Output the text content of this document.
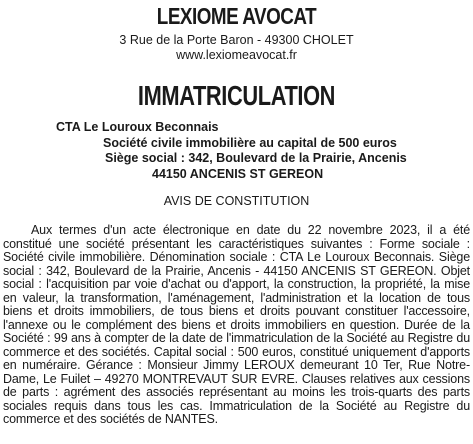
LEXIOME AVOCAT
3 Rue de la Porte Baron - 49300 CHOLET
www.lexiomeavocat.fr
IMMATRICULATION
CTA Le Louroux Beconnais
Société civile immobilière au capital de 500 euros
Siège social : 342, Boulevard de la Prairie, Ancenis
44150 ANCENIS ST GEREON
AVIS DE CONSTITUTION

Aux termes d'un acte électronique en date du 22 novembre 2023, il a été constitué une société présentant les caractéristiques suivantes : Forme sociale : Société civile immobilière. Dénomination sociale : CTA Le Louroux Beconnais. Siège social : 342, Boulevard de la Prairie, Ancenis - 44150 ANCENIS ST GEREON. Objet social : l'acquisition par voie d'achat ou d'apport, la construction, la propriété, la mise en valeur, la transformation, l'aménagement, l'administration et la location de tous biens et droits immobiliers, de tous biens et droits pouvant constituer l'accessoire, l'annexe ou le complément des biens et droits immobiliers en question. Durée de la Société : 99 ans à compter de la date de l'immatriculation de la Société au Registre du commerce et des sociétés. Capital social : 500 euros, constitué uniquement d'apports en numéraire. Gérance : Monsieur Jimmy LEROUX demeurant 10 Ter, Rue Notre-Dame, Le Fuilet – 49270 MONTREVAUT SUR EVRE. Clauses relatives aux cessions de parts : agrément des associés représentant au moins les trois-quarts des parts sociales requis dans tous les cas. Immatriculation de la Société au Registre du commerce et des sociétés de NANTES.
